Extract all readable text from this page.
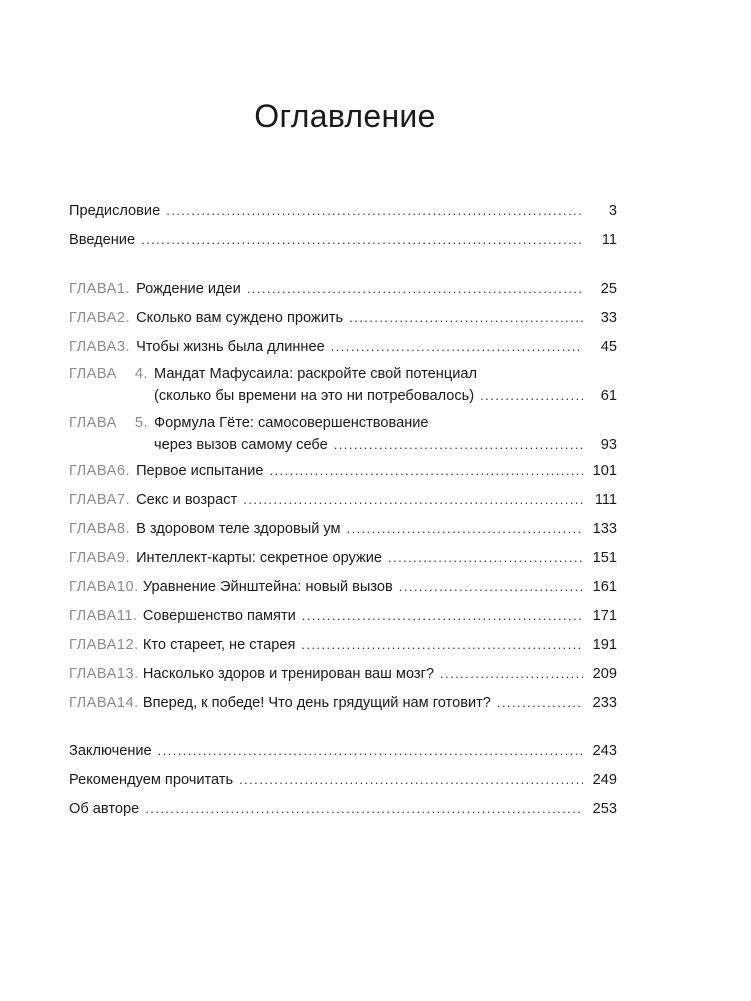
Оглавление
Предисловие . . .	3
Введение . . .	11
ГЛАВА 1. Рождение идеи . . .	25
ГЛАВА 2. Сколько вам суждено прожить . . .	33
ГЛАВА 3. Чтобы жизнь была длиннее . . .	45
ГЛАВА	4. Мандат Мафусаила: раскройте свой потенциал
(сколько бы времени на это ни потребовалось) . . .	61
ГЛАВА	5. Формула Гёте: самосовершенствование
через вызов самому себе . . .	93
ГЛАВА 6. Первое испытание . . .	101
ГЛАВА 7. Секс и возраст . . .	111
ГЛАВА 8. В здоровом теле здоровый ум . . .	133
ГЛАВА 9. Интеллект-карты: секретное оружие . . .	151
ГЛАВА 10. Уравнение Эйнштейна: новый вызов . . .	161
ГЛАВА 11. Совершенство памяти . . .	171
ГЛАВА 12. Кто стареет, не старея . . .	191
ГЛАВА 13. Насколько здоров и тренирован ваш мозг? . . .	209
ГЛАВА 14. Вперед, к победе! Что день грядущий нам готовит? . . .	233
Заключение . . .	243
Рекомендуем прочитать . . .	249
Об авторе . . .	253
